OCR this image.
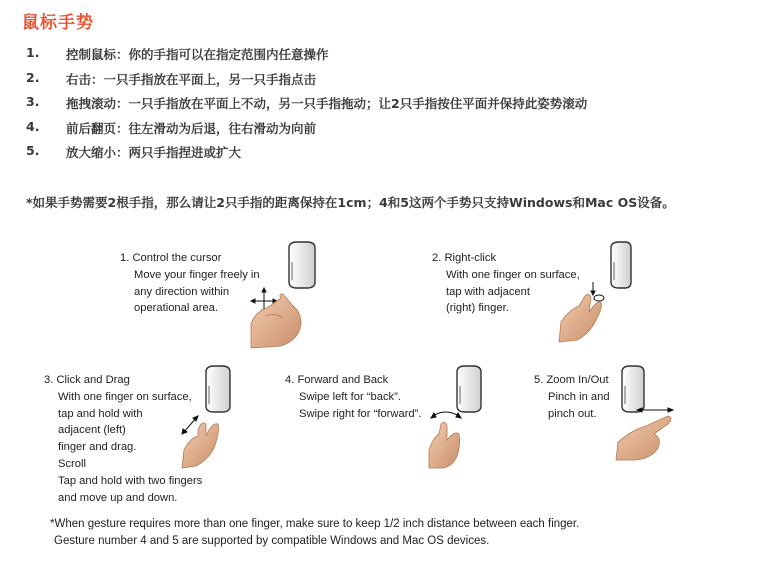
鼠标手势
1.	控制鼠标：你的手指可以在指定范围内任意操作
2.	右击：一只手指放在平面上，另一只手指点击
3.	拖拽滚动：一只手指放在平面上不动，另一只手指拖动；让2只手指按住平面并保持此姿势滚动
4.	前后翻页：往左滑动为后退，往右滑动为向前
5.	放大缩小：两只手指捏进或扩大
*如果手势需要2根手指，那么请让2只手指的距离保持在1cm；4和5这两个手势只支持Windows和Mac OS设备。
1. Control the cursor
Move your finger freely in
any direction within
operational area.
2. Right-click
With one finger on surface,
tap with adjacent
(right) finger.
3. Click and Drag
With one finger on surface,
tap and hold with
adjacent (left)
finger and drag.
Scroll
Tap and hold with two fingers
and move up and down.
4. Forward and Back
Swipe left for “back”.
Swipe right for “forward”.
5. Zoom In/Out
Pinch in and
pinch out.
*When gesture requires more than one finger, make sure to keep 1/2 inch distance between each finger.
Gesture number 4 and 5 are supported by compatible Windows and Mac OS devices.
